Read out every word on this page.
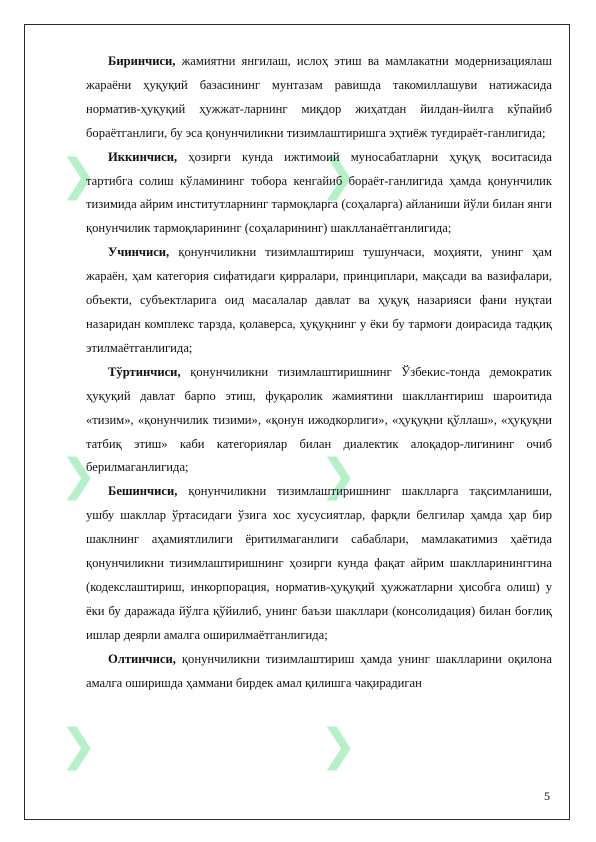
❯	❯
❯	❯
❯	❯

Биринчиси, жамиятни янгилаш, ислоҳ этиш ва мамлакатни модернизациялаш жараёни ҳуқуқий базасининг мунтазам равишда такомиллашуви натижасида норматив-ҳуқуқий ҳужжат-ларнинг миқдор жиҳатдан йилдан-йилга кўпайиб бораётганлиги, бу эса қонунчиликни тизимлаштиришга эҳтиёж туғдираёт-ганлигида;

Иккинчиси, ҳозирги кунда ижтимоий муносабатларни ҳуқуқ воситасида тартибга солиш кўламининг тобора кенгайиб бораёт-ганлигида ҳамда қонунчилик тизимида айрим институтларнинг тармоқларга (соҳаларга) айланиши йўли билан янги қонунчилик тармоқларининг (соҳаларининг) шаклланаётганлигида;

Учинчиси, қонунчиликни тизимлаштириш тушунчаси, моҳияти, унинг ҳам жараён, ҳам категория сифатидаги қирралари, принциплари, мақсади ва вазифалари, объекти, субъектларига оид масалалар давлат ва ҳуқуқ назарияси фани нуқтаи назаридан комплекс тарзда, қолаверса, ҳуқуқнинг у ёки бу тармоғи доирасида тадқиқ этилмаётганлигида;

Тўртинчиси, қонунчиликни тизимлаштиришнинг Ўзбекис-тонда демократик ҳуқуқий давлат барпо этиш, фуқаролик жамиятини шакллантириш шароитида «тизим», «қонунчилик тизими», «қонун ижодкорлиги», «ҳуқуқни қўллаш», «ҳуқуқни татбиқ этиш» каби категориялар билан диалектик алоқадор-лигининг очиб берилмаганлигида;

Бешинчиси, қонунчиликни тизимлаштиришнинг шаклларга тақсимланиши, ушбу шакллар ўртасидаги ўзига хос хусусиятлар, фарқли белгилар ҳамда ҳар бир шаклнинг аҳамиятлилиги ёритилмаганлиги сабаблари, мамлакатимиз ҳаётида қонунчиликни тизимлаштиришнинг ҳозирги кунда фақат айрим шаклларининггина (кодекслаштириш, инкорпорация, норматив-ҳуқуқий ҳужжатларни ҳисобга олиш) у ёки бу даражада йўлга қўйилиб, унинг баъзи шакллари (консолидация) билан боғлиқ ишлар деярли амалга оширилмаётганлигида;

Олтинчиси, қонунчиликни тизимлаштириш ҳамда унинг шаклларини оқилона амалга оширишда ҳаммани бирдек амал қилишга чақирадиган

5
